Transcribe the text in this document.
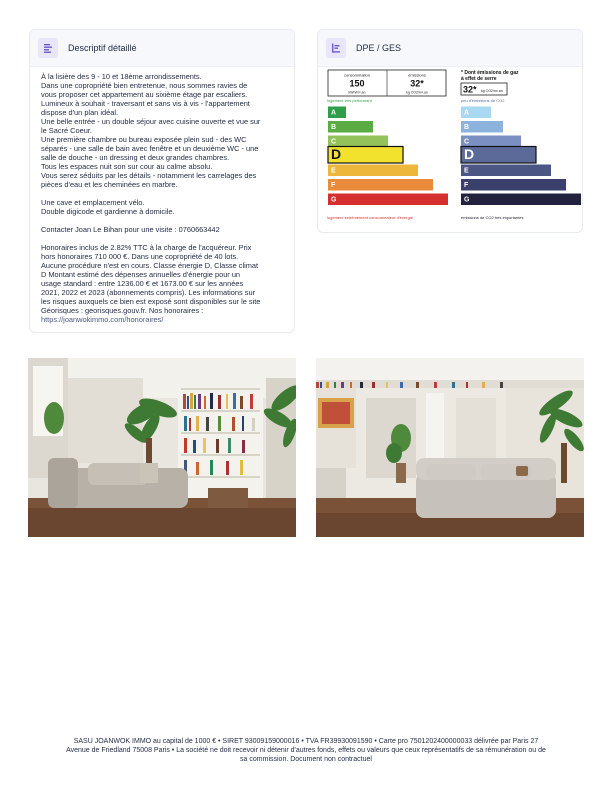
Descriptif détaillé

À la lisière des 9 - 10 et 18ème arrondissements.

Dans une copropriété bien entretenue, nous sommes ravies de

vous proposer cet appartement au sixième étage par escaliers.

Lumineux à souhait - traversant et sans vis à vis - l'appartement

dispose d'un plan idéal.

Une belle entrée - un double séjour avec cuisine ouverte et vue sur

le Sacré Coeur.

Une première chambre ou bureau exposée plein sud - des WC

séparés - une salle de bain avec fenêtre et un deuxième WC - une

salle de douche - un dressing et deux grandes chambres.

Tous les espaces nuit son sur cour au calme absolu.

Vous serez séduits par les détails - notamment les carrelages des

pièces d'eau et les cheminées en marbre.

Une cave et emplacement vélo.

Double digicode et gardienne à domicile.

Contacter Joan Le Bihan pour une visite : 0760663442

Honoraires inclus de 2.82% TTC à la charge de l'acquéreur. Prix

hors honoraires 710 000 €. Dans une copropriété de 40 lots.

Aucune procédure n'est en cours. Classe énergie D, Classe climat

D Montant estimé des dépenses annuelles d'énergie pour un

usage standard : entre 1236.00 € et 1673.00 € sur les années

2021, 2022 et 2023 (abonnements compris). Les informations sur

les risques auxquels ce bien est exposé sont disponibles sur le site

Géorisques : georisques.gouv.fr. Nos honoraires :

https://joanwokimmo.com/honoraires/
DPE / GES
consommation
150
kWh/m².an
émissions
32*
kg CO2/m².an
logement très performant
A
B
C
D
E
F
G
logement extrêmement consommateur d'énergie
* Dont émissions de gaz
à effet de serre
32* kg CO2/m².an
peu d'émissions de CO2
A
B
C
D
E
F
G
émissions de CO2 très importantes
SASU JOANWOK IMMO au capital de 1000 € • SIRET 93009159000016 • TVA FR39930091590 • Carte pro 7501202400000033 délivrée par Paris 27
Avenue de Friedland 75008 Paris • La société ne doit recevoir ni détenir d'autres fonds, effets ou valeurs que ceux représentatifs de sa rémunération ou de
sa commission. Document non contractuel
